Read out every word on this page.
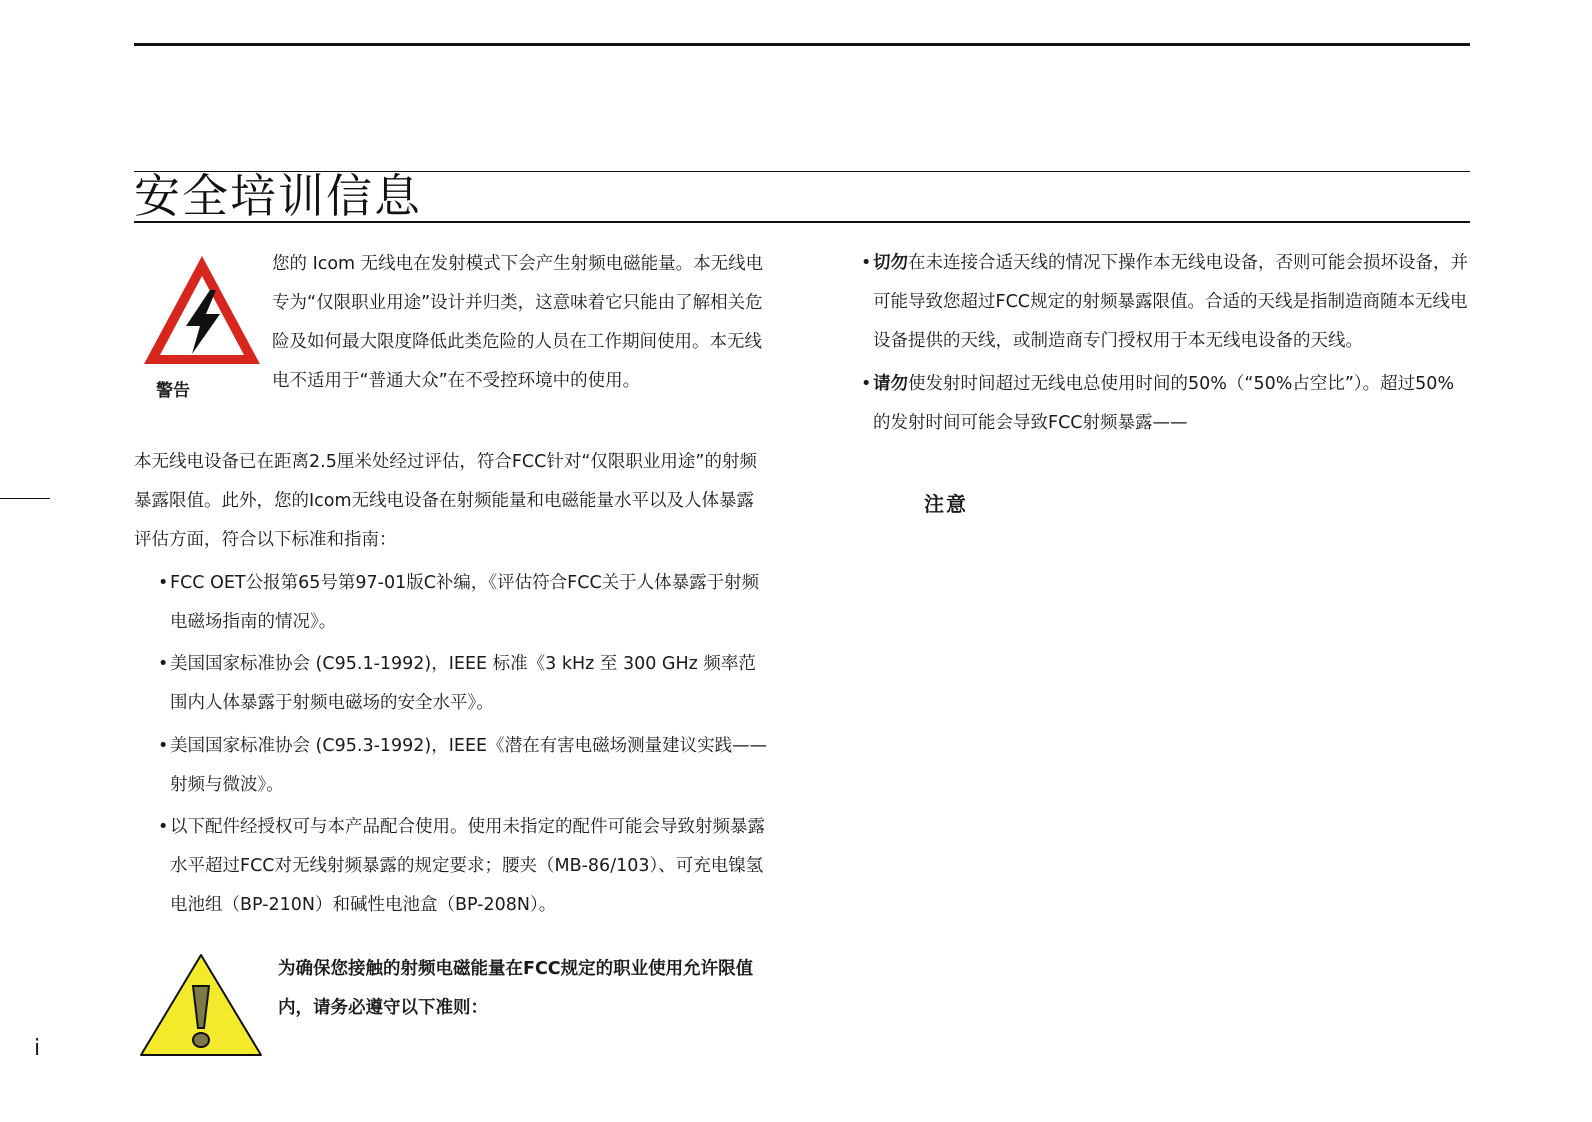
安全培训信息
警告
您的 Icom 无线电在发射模式下会产生射频电磁能量。本无线电专为“仅限职业用途”设计并归类，这意味着它只能由了解相关危险及如何最大限度降低此类危险的人员在工作期间使用。本无线电不适用于“普通大众”在不受控环境中的使用。
本无线电设备已在距离2.5厘米处经过评估，符合FCC针对“仅限职业用途”的射频暴露限值。此外，您的Icom无线电设备在射频能量和电磁能量水平以及人体暴露评估方面，符合以下标准和指南：
• FCC OET公报第65号第97-01版C补编，《评估符合FCC关于人体暴露于射频电磁场指南的情况》。
• 美国国家标准协会 (C95.1-1992)，IEEE 标准《3 kHz 至 300 GHz 频率范围内人体暴露于射频电磁场的安全水平》。
• 美国国家标准协会 (C95.3-1992)，IEEE《潜在有害电磁场测量建议实践——射频与微波》。
• 以下配件经授权可与本产品配合使用。使用未指定的配件可能会导致射频暴露水平超过FCC对无线射频暴露的规定要求；腰夹（MB-86/103）、可充电镍氢电池组（BP-210N）和碱性电池盒（BP-208N）。
为确保您接触的射频电磁能量在FCC规定的职业使用允许限值内，请务必遵守以下准则：
• 切勿在未连接合适天线的情况下操作本无线电设备，否则可能会损坏设备，并可能导致您超过FCC规定的射频暴露限值。合适的天线是指制造商随本无线电设备提供的天线，或制造商专门授权用于本无线电设备的天线。
• 请勿使发射时间超过无线电总使用时间的50%（“50%占空比”）。超过50%的发射时间可能会导致FCC射频暴露——
注意
i
